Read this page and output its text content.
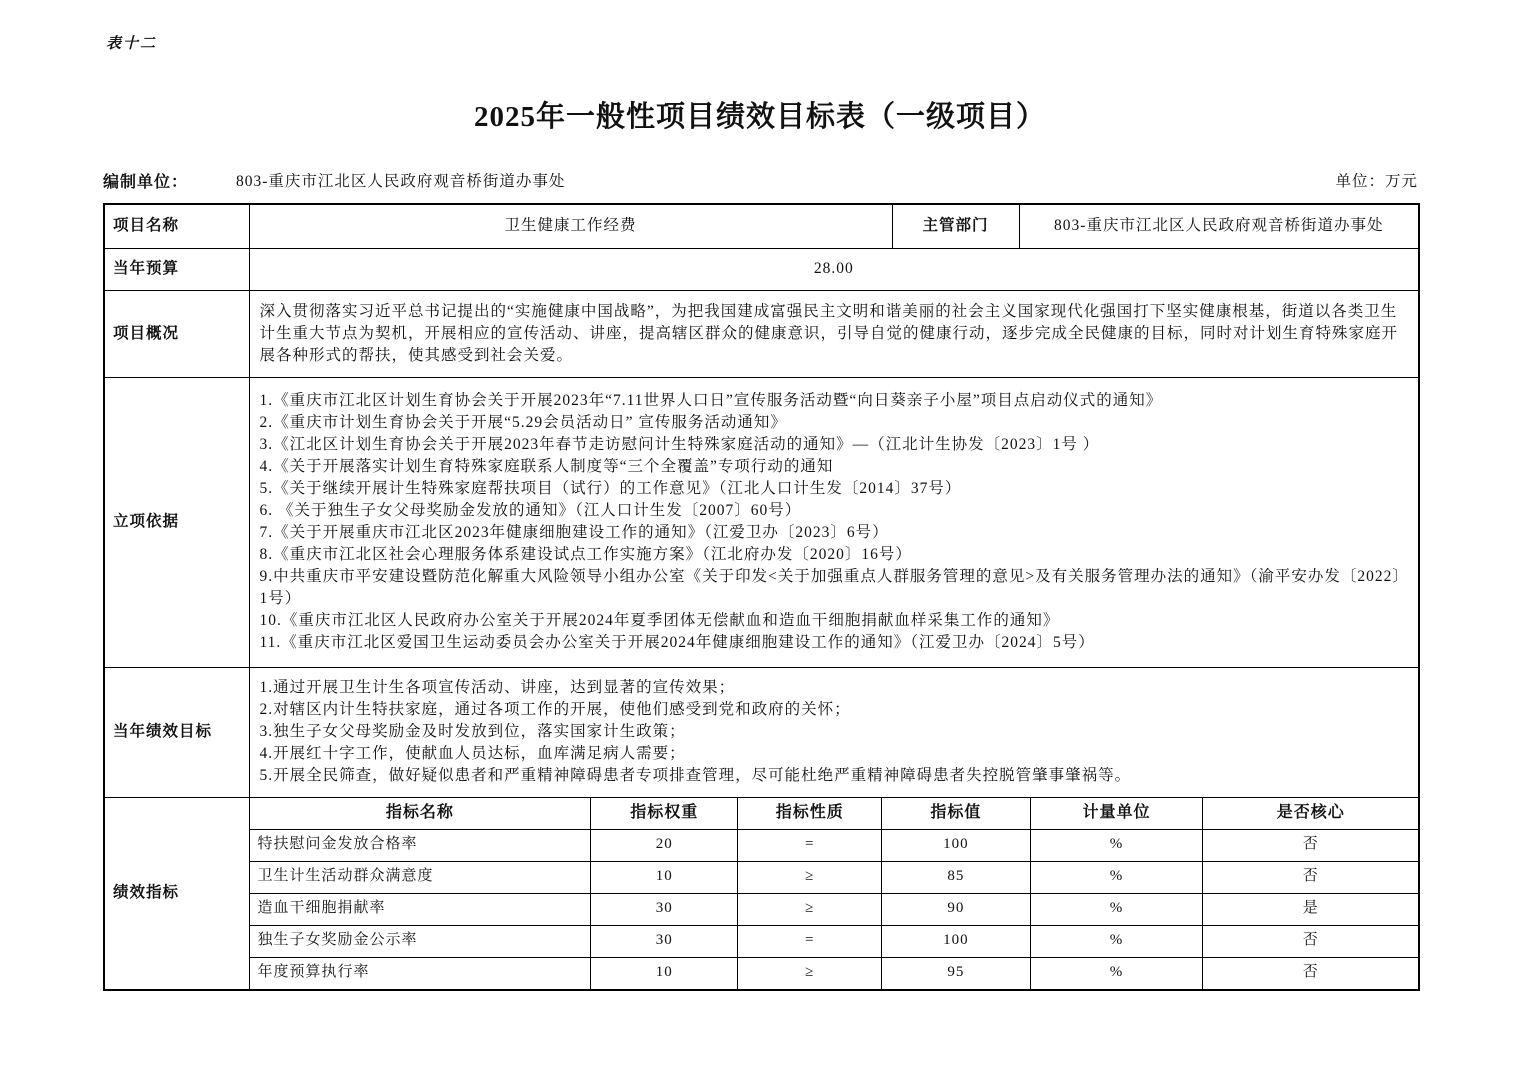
表十二
2025年一般性项目绩效目标表（一级项目）
编制单位：	803-重庆市江北区人民政府观音桥街道办事处	单位：万元
项目名称	卫生健康工作经费	主管部门	803-重庆市江北区人民政府观音桥街道办事处
当年预算	28.00
项目概况	深入贯彻落实习近平总书记提出的“实施健康中国战略”，为把我国建成富强民主文明和谐美丽的社会主义国家现代化强国打下坚实健康根基，街道以各类卫生计生重大节点为契机，开展相应的宣传活动、讲座，提高辖区群众的健康意识，引导自觉的健康行动，逐步完成全民健康的目标，同时对计划生育特殊家庭开展各种形式的帮扶，使其感受到社会关爱。
立项依据	
1.《重庆市江北区计划生育协会关于开展2023年“7.11世界人口日”宣传服务活动暨“向日葵亲子小屋”项目点启动仪式的通知》
2.《重庆市计划生育协会关于开展“5.29会员活动日” 宣传服务活动通知》
3.《江北区计划生育协会关于开展2023年春节走访慰问计生特殊家庭活动的通知》—（江北计生协发〔2023〕1号 ）
4.《关于开展落实计划生育特殊家庭联系人制度等“三个全覆盖”专项行动的通知
5.《关于继续开展计生特殊家庭帮扶项目（试行）的工作意见》（江北人口计生发〔2014〕37号）
6. 《关于独生子女父母奖励金发放的通知》（江人口计生发〔2007〕60号）
7.《关于开展重庆市江北区2023年健康细胞建设工作的通知》（江爱卫办〔2023〕6号）
8.《重庆市江北区社会心理服务体系建设试点工作实施方案》（江北府办发〔2020〕16号）
9.中共重庆市平安建设暨防范化解重大风险领导小组办公室《关于印发<关于加强重点人群服务管理的意见>及有关服务管理办法的通知》（渝平安办发〔2022〕1号）
10.《重庆市江北区人民政府办公室关于开展2024年夏季团体无偿献血和造血干细胞捐献血样采集工作的通知》
11.《重庆市江北区爱国卫生运动委员会办公室关于开展2024年健康细胞建设工作的通知》（江爱卫办〔2024〕5号）

当年绩效目标	
1.通过开展卫生计生各项宣传活动、讲座，达到显著的宣传效果；
2.对辖区内计生特扶家庭，通过各项工作的开展，使他们感受到党和政府的关怀；
3.独生子女父母奖励金及时发放到位，落实国家计生政策；
4.开展红十字工作，使献血人员达标，血库满足病人需要；
5.开展全民筛查，做好疑似患者和严重精神障碍患者专项排查管理，尽可能杜绝严重精神障碍患者失控脱管肇事肇祸等。

绩效指标	
指标名称	指标权重	指标性质	指标值	计量单位	是否核心
特扶慰问金发放合格率	20	=	100	%	否
卫生计生活动群众满意度	10	≥	85	%	否
造血干细胞捐献率	30	≥	90	%	是
独生子女奖励金公示率	30	=	100	%	否
年度预算执行率	10	≥	95	%	否
